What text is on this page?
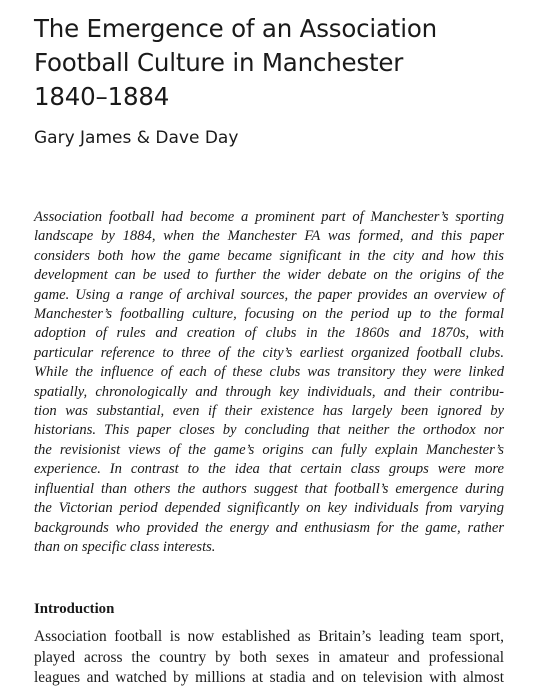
The Emergence of an Association
Football Culture in Manchester
1840–1884

Gary James & Dave Day

Association football had become a prominent part of Manchester’s sporting
landscape by 1884, when the Manchester FA was formed, and this paper
considers both how the game became significant in the city and how this
development can be used to further the wider debate on the origins of the
game. Using a range of archival sources, the paper provides an overview of
Manchester’s footballing culture, focusing on the period up to the formal
adoption of rules and creation of clubs in the 1860s and 1870s, with
particular reference to three of the city’s earliest organized football clubs.
While the influence of each of these clubs was transitory they were linked
spatially, chronologically and through key individuals, and their contribu-
tion was substantial, even if their existence has largely been ignored by
historians. This paper closes by concluding that neither the orthodox nor
the revisionist views of the game’s origins can fully explain Manchester’s
experience. In contrast to the idea that certain class groups were more
influential than others the authors suggest that football’s emergence during
the Victorian period depended significantly on key individuals from varying
backgrounds who provided the energy and enthusiasm for the game, rather
than on specific class interests.

Introduction

Association football is now established as Britain’s leading team sport,
played across the country by both sexes in amateur and professional
leagues and watched by millions at stadia and on television with almost
